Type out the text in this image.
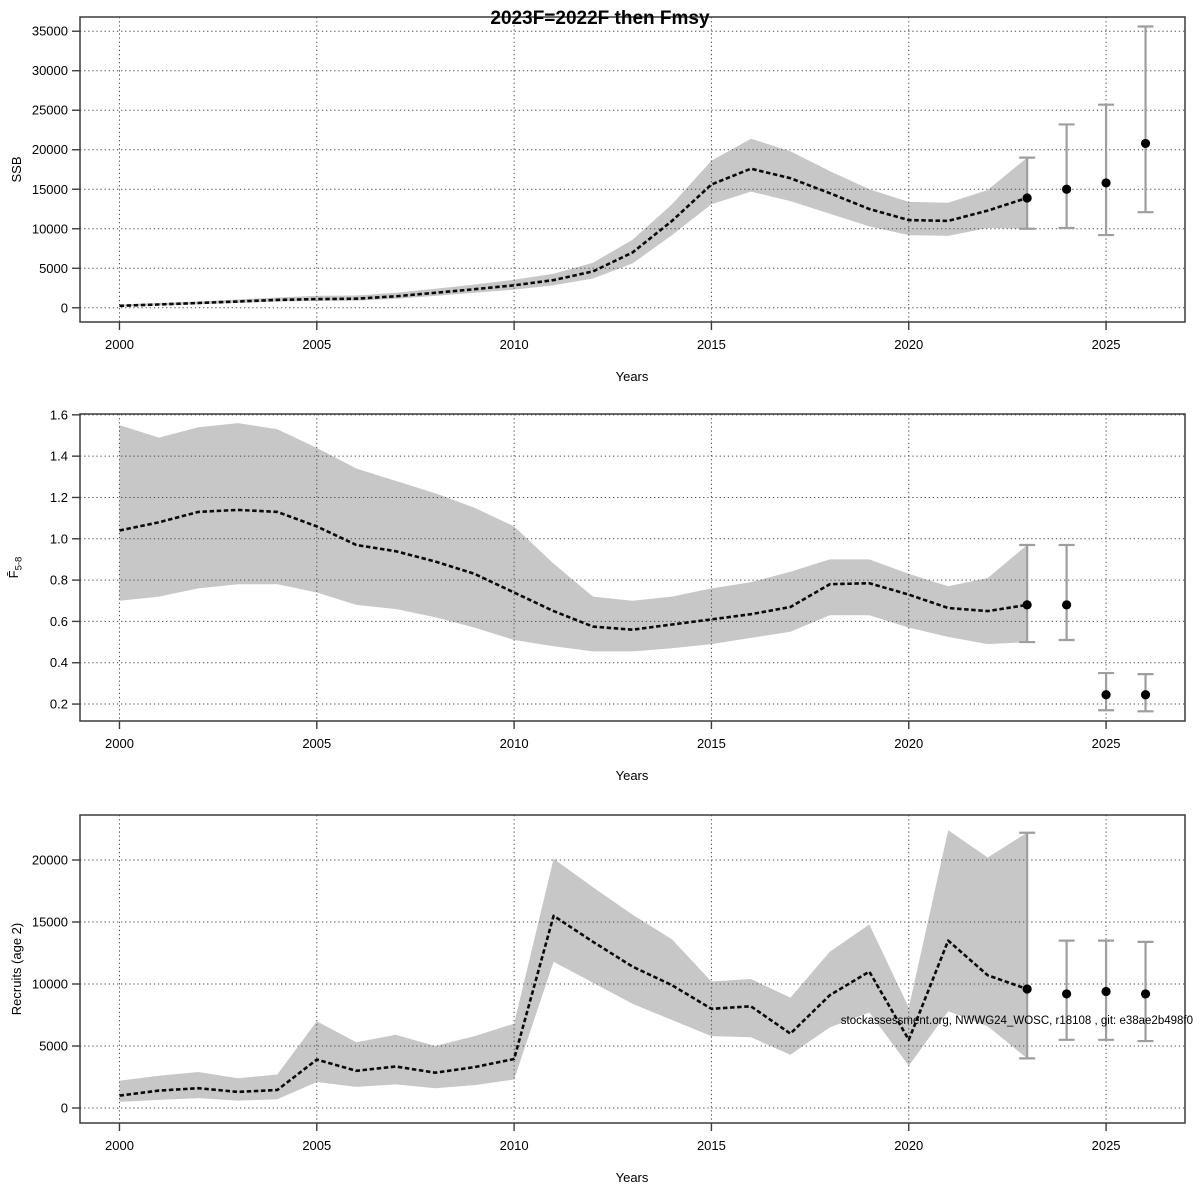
2000	2005	2010	2015	2020	2025
0
5000
10000
15000
20000
25000
30000
35000
Years
SSB
2023F=2022F then Fmsy
2000	2005	2010	2015	2020	2025
0.2
0.4
0.6
0.8
1.0
1.2
1.4
1.6
Years
$F̄_{5-8}$
2000	2005	2010	2015	2020	2025
0
5000
10000
15000
20000
Years
Recruits (age 2)
stockassessment.org, NWWG24_WOSC, r18108 , git: e38ae2b498f0
